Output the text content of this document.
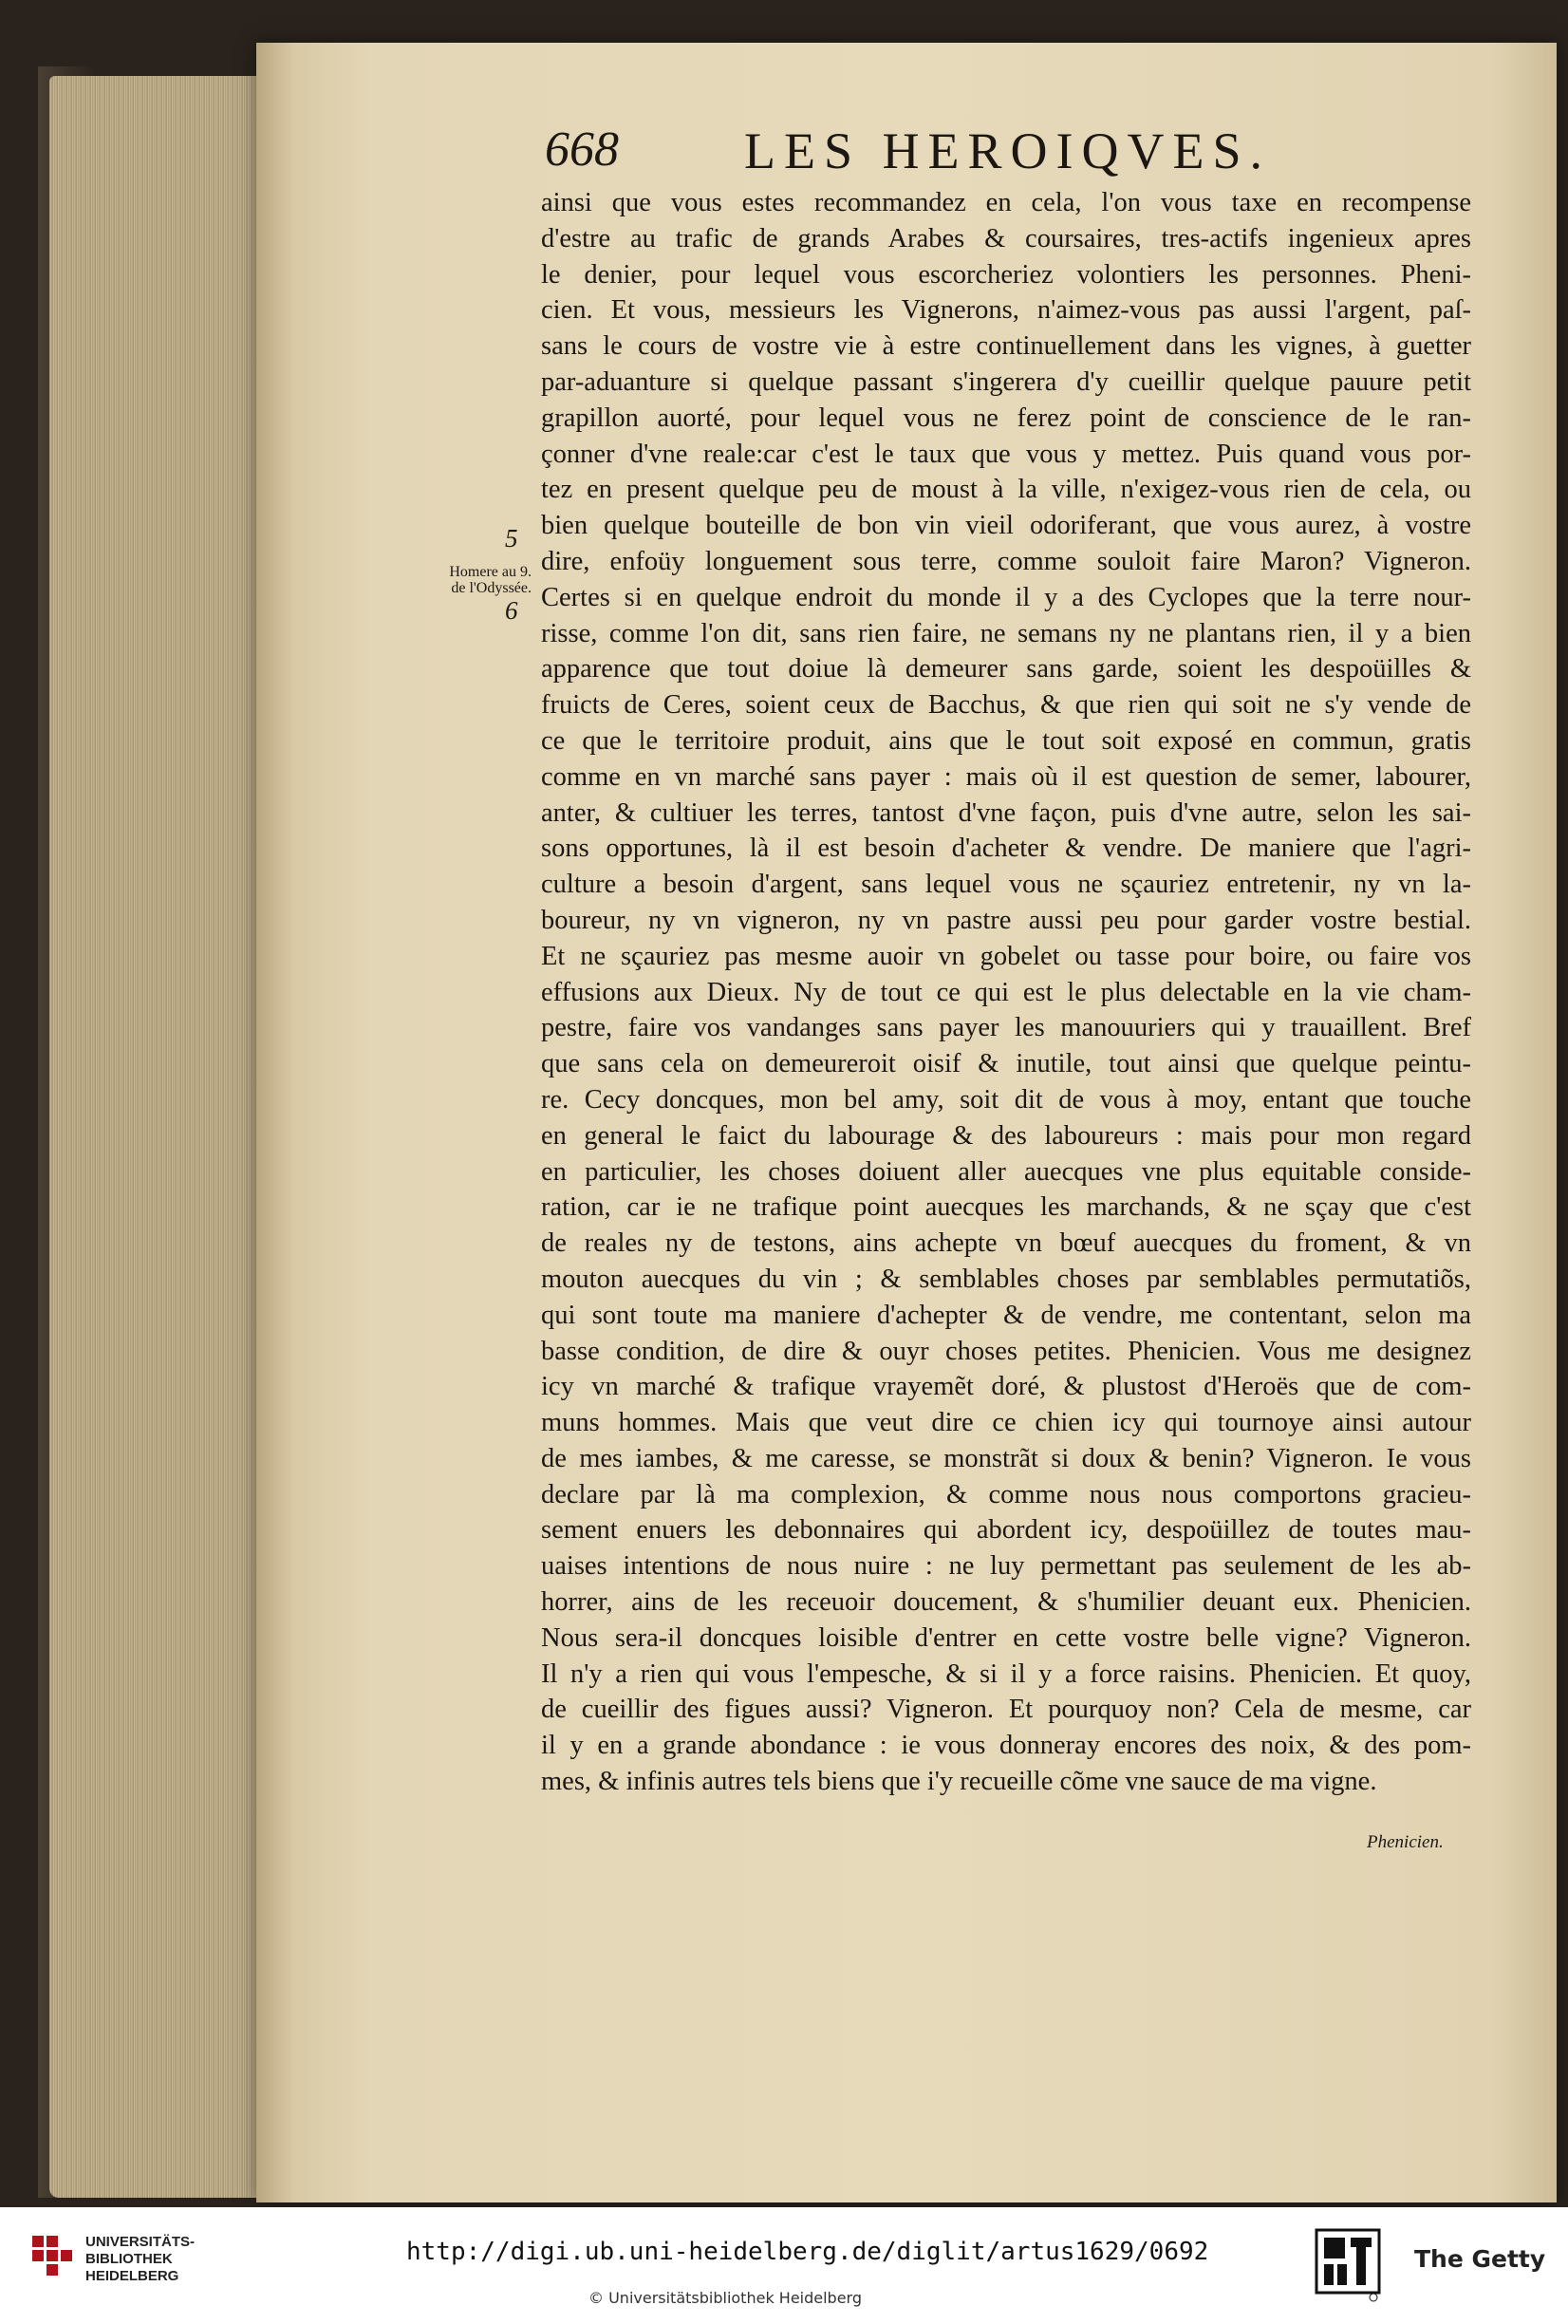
668 LES HEROIQVES.
5
6
Homere au 9.
de l'Odyssée.
ainsi que vous estes recommandez en cela, l'on vous taxe en recompense
d'estre au trafic de grands Arabes & coursaires, tres-actifs ingenieux apres
le denier, pour lequel vous escorcheriez volontiers les personnes. Pheni-
cien. Et vous, messieurs les Vignerons, n'aimez-vous pas aussi l'argent, paſ-
sans le cours de vostre vie à estre continuellement dans les vignes, à guetter
par-aduanture si quelque passant s'ingerera d'y cueillir quelque pauure petit
grapillon auorté, pour lequel vous ne ferez point de conscience de le ran-
çonner d'vne reale:car c'est le taux que vous y mettez. Puis quand vous por-
tez en present quelque peu de moust à la ville, n'exigez-vous rien de cela, ou
bien quelque bouteille de bon vin vieil odoriferant, que vous aurez, à vostre
dire, enfoüy longuement sous terre, comme souloit faire Maron? Vigneron.
Certes si en quelque endroit du monde il y a des Cyclopes que la terre nour-
risse, comme l'on dit, sans rien faire, ne semans ny ne plantans rien, il y a bien
apparence que tout doiue là demeurer sans garde, soient les despoüilles &
fruicts de Ceres, soient ceux de Bacchus, & que rien qui soit ne s'y vende de
ce que le territoire produit, ains que le tout soit exposé en commun, gratis
comme en vn marché sans payer : mais où il est question de semer, labourer,
anter, & cultiuer les terres, tantost d'vne façon, puis d'vne autre, selon les sai-
sons opportunes, là il est besoin d'acheter & vendre. De maniere que l'agri-
culture a besoin d'argent, sans lequel vous ne sçauriez entretenir, ny vn la-
boureur, ny vn vigneron, ny vn pastre aussi peu pour garder vostre bestial.
Et ne sçauriez pas mesme auoir vn gobelet ou tasse pour boire, ou faire vos
effusions aux Dieux. Ny de tout ce qui est le plus delectable en la vie cham-
pestre, faire vos vandanges sans payer les manouuriers qui y trauaillent. Bref
que sans cela on demeureroit oisif & inutile, tout ainsi que quelque peintu-
re. Cecy doncques, mon bel amy, soit dit de vous à moy, entant que touche
en general le faict du labourage & des laboureurs : mais pour mon regard
en particulier, les choses doiuent aller auecques vne plus equitable conside-
ration, car ie ne trafique point auecques les marchands, & ne sçay que c'est
de reales ny de testons, ains achepte vn bœuf auecques du froment, & vn
mouton auecques du vin ; & semblables choses par semblables permutatiõs,
qui sont toute ma maniere d'achepter & de vendre, me contentant, selon ma
basse condition, de dire & ouyr choses petites. Phenicien. Vous me designez
icy vn marché & trafique vrayemẽt doré, & plustost d'Heroës que de com-
muns hommes. Mais que veut dire ce chien icy qui tournoye ainsi autour
de mes iambes, & me caresse, se monstrãt si doux & benin? Vigneron. Ie vous
declare par là ma complexion, & comme nous nous comportons gracieu-
sement enuers les debonnaires qui abordent icy, despoüillez de toutes mau-
uaises intentions de nous nuire : ne luy permettant pas seulement de les ab-
horrer, ains de les receuoir doucement, & s'humilier deuant eux. Phenicien.
Nous sera-il doncques loisible d'entrer en cette vostre belle vigne? Vigneron.
Il n'y a rien qui vous l'empesche, & si il y a force raisins. Phenicien. Et quoy,
de cueillir des figues aussi? Vigneron. Et pourquoy non? Cela de mesme, car
il y en a grande abondance : ie vous donneray encores des noix, & des pom-
mes, & infinis autres tels biens que i'y recueille cõme vne sauce de ma vigne.
Phenicien.
UNIVERSITÄTS-
BIBLIOTHEK
HEIDELBERG
http://digi.ub.uni-heidelberg.de/diglit/artus1629/0692
© Universitätsbibliothek Heidelberg
The Getty
